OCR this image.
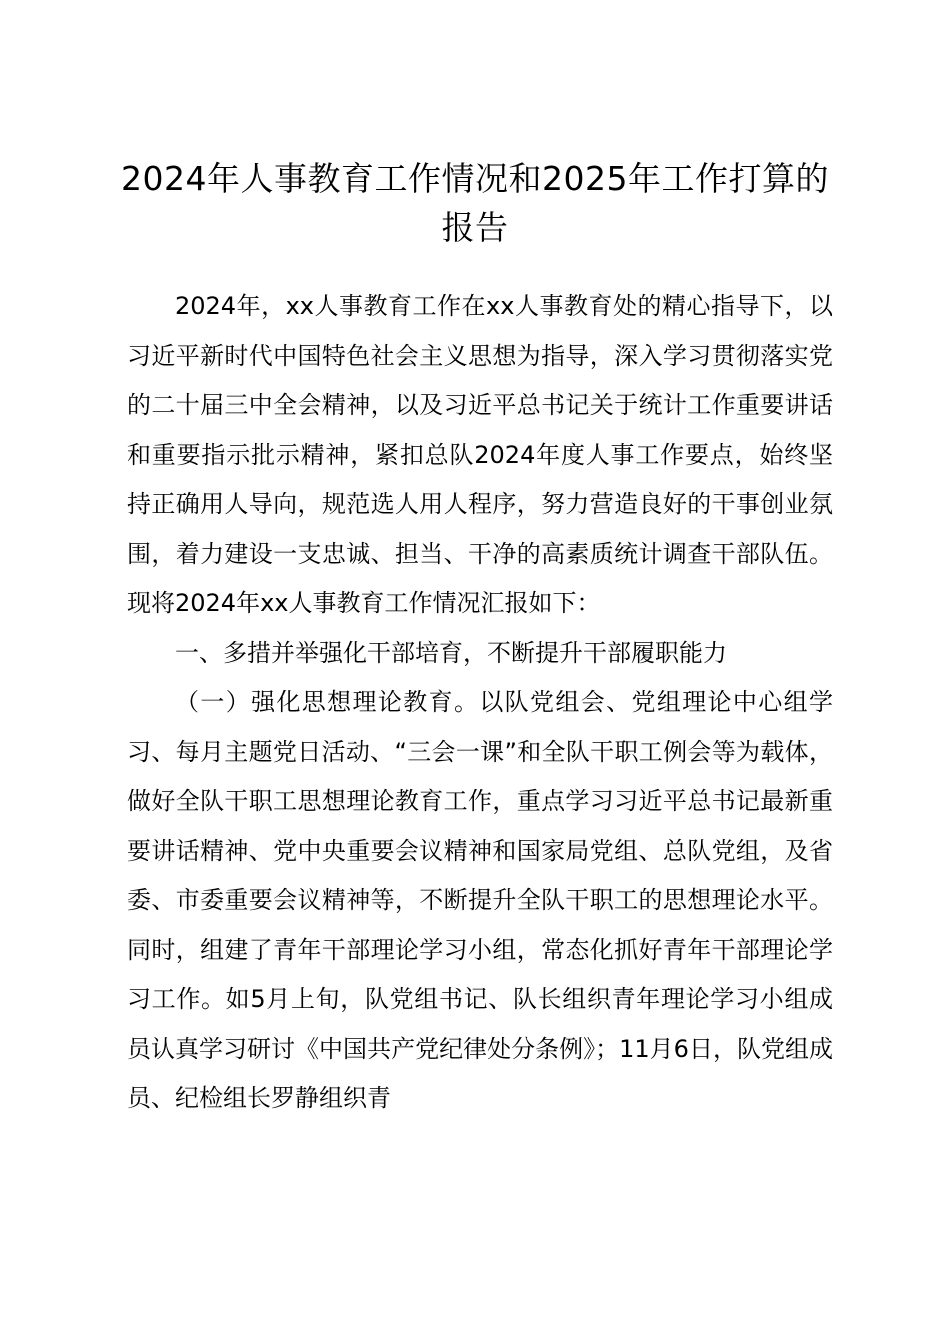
2024年人事教育工作情况和2025年工作打算的报告

2024年，xx人事教育工作在xx人事教育处的精心指导下，以习近平新时代中国特色社会主义思想为指导，深入学习贯彻落实党的二十届三中全会精神，以及习近平总书记关于统计工作重要讲话和重要指示批示精神，紧扣总队2024年度人事工作要点，始终坚持正确用人导向，规范选人用人程序，努力营造良好的干事创业氛围，着力建设一支忠诚、担当、干净的高素质统计调查干部队伍。现将2024年xx人事教育工作情况汇报如下：

一、多措并举强化干部培育，不断提升干部履职能力

（一）强化思想理论教育。以队党组会、党组理论中心组学习、每月主题党日活动、“三会一课”和全队干职工例会等为载体，做好全队干职工思想理论教育工作，重点学习习近平总书记最新重要讲话精神、党中央重要会议精神和国家局党组、总队党组，及省委、市委重要会议精神等，不断提升全队干职工的思想理论水平。同时，组建了青年干部理论学习小组，常态化抓好青年干部理论学习工作。如5月上旬，队党组书记、队长组织青年理论学习小组成员认真学习研讨《中国共产党纪律处分条例》；11月6日，队党组成员、纪检组长罗静组织青
